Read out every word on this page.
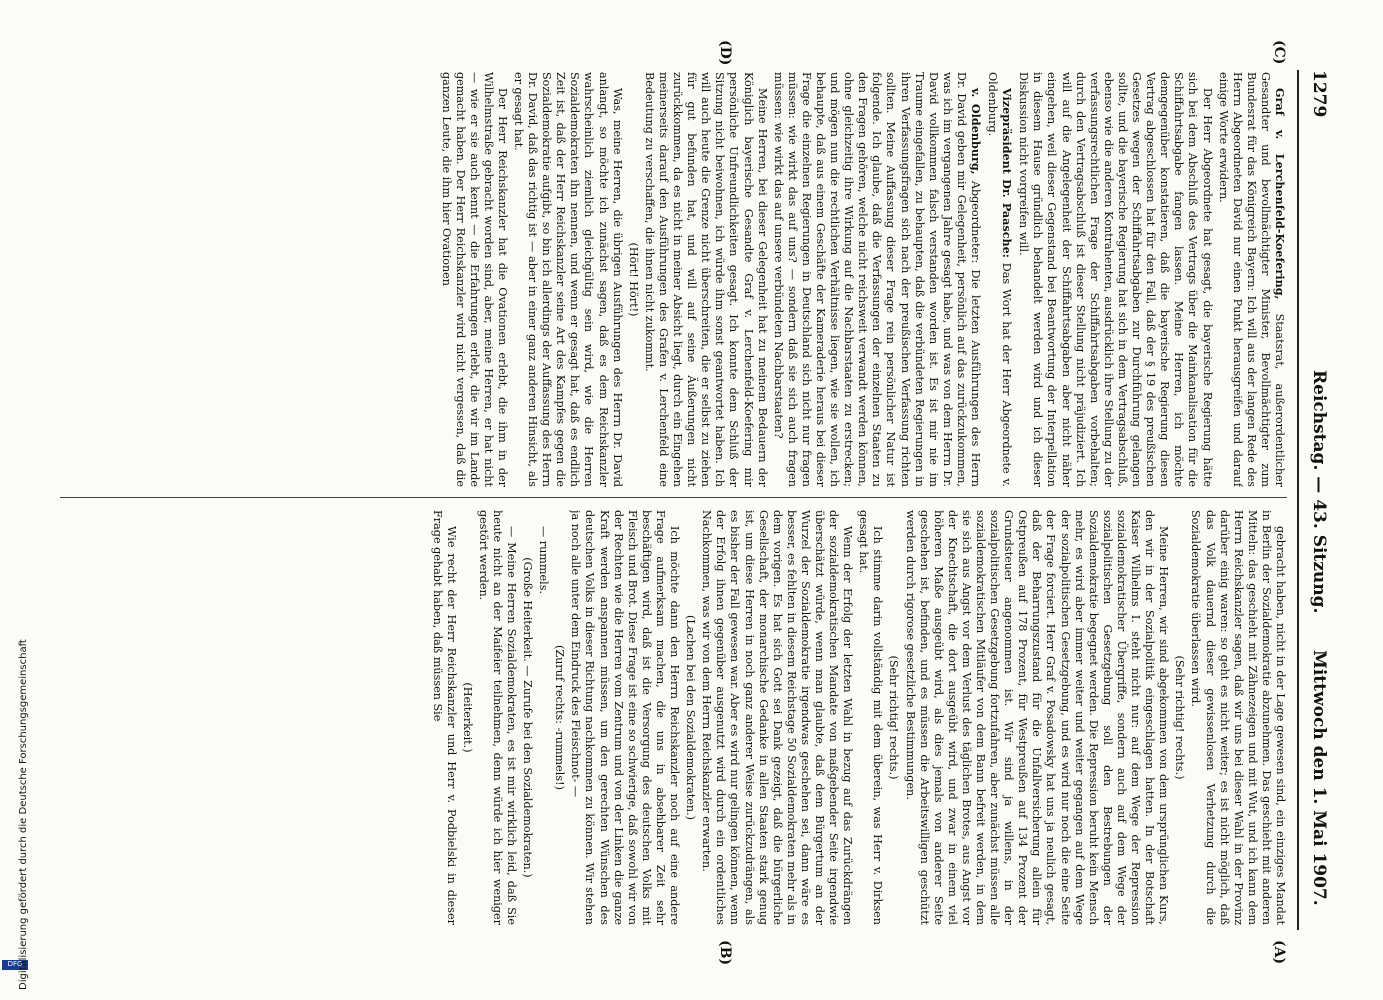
1279
Reichstag. — 43. Sitzung.
Mittwoch den 1. Mai 1907.
(C)
(D)
(A)
(B)

Graf v. Lerchenfeld-Koefering, Staatsrat, außerordentlicher Gesandter und bevollmächtigter Minister, Bevollmächtigter zum Bundesrat für das Königreich Bayern: Ich will aus der langen Rede des Herrn Abgeordneten David nur einen Punkt herausgreifen und darauf einige Worte erwidern.

Der Herr Abgeordnete hat gesagt, die bayerische Regierung hätte sich bei dem Abschluß des Vertrags über die Mainkanalisation für die Schiffahrtsabgabe fangen lassen. Meine Herren, ich möchte demgegenüber konstatieren, daß die bayerische Regierung diesen Vertrag abgeschlossen hat für den Fall, daß der § 19 des preußischen Gesetzes wegen der Schiffahrtsabgaben zur Durchführung gelangen sollte, und die bayerische Regierung hat sich in dem Vertragsabschluß, ebenso wie die anderen Kontrahenten, ausdrücklich ihre Stellung zu der verfassungsrechtlichen Frage der Schiffahrtsabgaben vorbehalten; durch den Vertragsabschluß ist dieser Stellung nicht präjudiziert. Ich will auf die Angelegenheit der Schiffahrtsabgaben aber nicht näher eingehen, weil dieser Gegenstand bei Beantwortung der Interpellation in diesem Hause gründlich behandelt werden wird und ich dieser Diskussion nicht vorgreifen will.

Vizepräsident Dr. Paasche: Das Wort hat der Herr Abgeordnete v. Oldenburg.

v. Oldenburg, Abgeordneter: Die letzten Ausführungen des Herrn Dr. David geben mir Gelegenheit, persönlich auf das zurückzukommen, was ich im vergangenen Jahre gesagt habe, und was von dem Herrn Dr. David vollkommen falsch verstanden worden ist. Es ist mir nie im Traume eingefallen, zu behaupten, daß die verbündeten Regierungen in ihren Verfassungsfragen sich nach der preußischen Verfassung richten sollten. Meine Auffassung dieser Frage rein persönlicher Natur ist folgende. Ich glaube, daß die Verfassungen der einzelnen Staaten zu den Fragen gehören, welche nicht reichsweit verwandt werden können, ohne gleichzeitig ihre Wirkung auf die Nachbarstaaten zu erstrecken; und mögen nun die rechtlichen Verhältnisse liegen, wie sie wollen, ich behaupte, daß aus einem Geschäfte der Kameraderie heraus bei dieser Frage die einzelnen Regierungen in Deutschland sich nicht nur fragen müssen: wie wirkt das auf uns? — sondern daß sie sich auch fragen müssen: wie wirkt das auf unsere verbündeten Nachbarstaaten?

Meine Herren, bei dieser Gelegenheit hat zu meinem Bedauern der Königlich bayerische Gesandte Graf v. Lerchenfeld-Koefering mir persönliche Unfreundlichkeiten gesagt. Ich konnte dem Schluß der Sitzung nicht beiwohnen, ich würde ihm sonst geantwortet haben. Ich will auch heute die Grenze nicht überschreiten, die er selbst zu ziehen für gut befunden hat, und will auf seine Äußerungen nicht zurückkommen, da es nicht in meiner Absicht liegt, durch ein Eingehen meinerseits darauf den Ausführungen des Grafen v. Lerchenfeld eine Bedeutung zu verschaffen, die ihnen nicht zukommt.

(Hört! Hört!)

Was, meine Herren, die übrigen Ausführungen des Herrn Dr. David anlangt, so möchte ich zunächst sagen, daß es dem Reichskanzler wahrscheinlich ziemlich gleichgültig sein wird, wie die Herren Sozialdemokraten ihn nennen, und wenn er gesagt hat, daß es endlich Zeit ist, daß der Herr Reichskanzler seine Art des Kampfes gegen die Sozialdemokratie aufgibt, so bin ich allerdings der Auffassung des Herrn Dr. David, daß das richtig ist — aber in einer ganz anderen Hinsicht, als er gesagt hat.

Der Herr Reichskanzler hat die Ovationen erlebt, die ihm in der Wilhelmstraße gebracht worden sind, aber, meine Herren, er hat nicht — wie er sie auch kennt — die Erfahrungen erlebt, die wir im Lande gemacht haben. Der Herr Reichskanzler wird nicht vergessen, daß die ganzen Leute, die ihm hier Ovationen

gebracht haben, nicht in der Lage gewesen sind, ein einziges Mandat in Berlin der Sozialdemokratie abzunehmen. Das geschieht mit anderen Mitteln: das geschieht mit Zähnezeigen und mit Wut, und ich kann dem Herrn Reichskanzler sagen, daß wir uns bei dieser Wahl in der Provinz darüber einig waren: so geht es nicht weiter; es ist nicht möglich, daß das Volk dauernd dieser gewissenlosen Verhetzung durch die Sozialdemokratie überlassen wird.

(Sehr richtig! rechts.)

Meine Herren, wir sind abgekommen von dem ursprünglichen Kurs, den wir in der Sozialpolitik eingeschlagen hatten. In der Botschaft Kaiser Wilhelms I. steht nicht nur: auf dem Wege der Repression sozialdemokratischer Übergriffe, sondern auch auf dem Wege der sozialpolitischen Gesetzgebung soll den Bestrebungen der Sozialdemokratie begegnet werden. Die Repression beruht kein Mensch mehr, es wird aber immer weiter und weiter gegangen auf dem Wege der sozialpolitischen Gesetzgebung, und es wird nur noch die eine Seite der Frage forciert. Herr Graf v. Posadowsky hat uns ja neulich gesagt, daß der Beharrungszustand für die Unfallversicherung allein für Ostpreußen auf 178 Prozent, für Westpreußen auf 134 Prozent der Grundsteuer angenommen ist. Wir sind ja willens, in der sozialpolitischen Gesetzgebung fortzufahren, aber zunächst müssen alle sozialdemokratischen Mitläufer von dem Bann befreit werden, in dem sie sich aus Angst vor dem Verlust des täglichen Brotes, aus Angst vor der Knechtschaft, die dort ausgeübt wird, und zwar in einem viel höheren Maße ausgeübt wird, als dies jemals von anderer Seite geschehen ist, befinden, und es müssen die Arbeitswilligen geschützt werden durch rigorose gesetzliche Bestimmungen.

(Sehr richtig! rechts.)

Ich stimme darin vollständig mit dem überein, was Herr v. Dirksen gesagt hat.

Wenn der Erfolg der letzten Wahl in bezug auf das Zurückdrängen der sozialdemokratischen Mandate von maßgebender Seite irgendwie überschätzt würde, wenn man glaubte, daß dem Bürgertum an der Wurzel der Sozialdemokratie irgendwas geschehen sei, dann wäre es besser, es fehlten in diesem Reichstage 50 Sozialdemokraten mehr als in dem vorigen. Es hat sich Gott sei Dank gezeigt, daß die bürgerliche Gesellschaft, der monarchische Gedanke in allen Staaten stark genug ist, um diese Herren in noch ganz anderer Weise zurückzudrängen, als es bisher der Fall gewesen war. Aber es wird nur gelingen können, wenn der Erfolg ihnen gegenüber ausgenutzt wird durch ein ordentliches Nachkommen, was wir von dem Herrn Reichskanzler erwarten.

(Lachen bei den Sozialdemokraten.)

Ich möchte dann den Herrn Reichskanzler noch auf eine andere Frage aufmerksam machen, die uns in absehbarer Zeit sehr beschäftigen wird, daß ist die Versorgung des deutschen Volks mit Fleisch und Brot. Diese Frage ist eine so schwierige, daß sowohl wir von der Rechten wie die Herren vom Zentrum und von der Linken die ganze Kraft werden anspannen müssen, um den gerechten Wünschen des deutschen Volks in dieser Richtung nachkommen zu können. Wir stehen ja noch alle unter dem Eindruck des Fleischnot- —

(Zuruf rechts: -rummels!)

— rummels.

(Große Heiterkeit. — Zurufe bei den Sozialdemokraten.)

— Meine Herren Sozialdemokraten, es ist mir wirklich leid, daß Sie heute nicht an der Maifeier teilnehmen, denn würde ich hier weniger gestört werden.

(Heiterkeit.)

Wie recht der Herr Reichskanzler und Herr v. Podbielski in dieser Frage gehabt haben, daß müssen Sie

DFG
Digitalisierung gefördert durch die Deutsche Forschungsgemeinschaft
